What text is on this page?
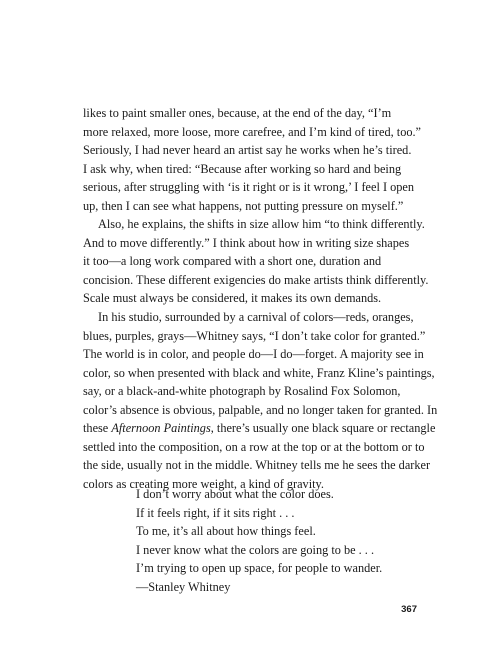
likes to paint smaller ones, because, at the end of the day, “I’m
more relaxed, more loose, more carefree, and I’m kind of tired, too.”
Seriously, I had never heard an artist say he works when he’s tired.
I ask why, when tired: “Because after working so hard and being
serious, after struggling with ‘is it right or is it wrong,’ I feel I open
up, then I can see what happens, not putting pressure on myself.”
Also, he explains, the shifts in size allow him “to think differently.
And to move differently.” I think about how in writing size shapes
it too—a long work compared with a short one, duration and
concision. These different exigencies do make artists think differently.
Scale must always be considered, it makes its own demands.
In his studio, surrounded by a carnival of colors—reds, oranges,
blues, purples, grays—Whitney says, “I don’t take color for granted.”
The world is in color, and people do—I do—forget. A majority see in
color, so when presented with black and white, Franz Kline’s paintings,
say, or a black-and-white photograph by Rosalind Fox Solomon,
color’s absence is obvious, palpable, and no longer taken for granted. In
these Afternoon Paintings, there’s usually one black square or rectangle
settled into the composition, on a row at the top or at the bottom or to
the side, usually not in the middle. Whitney tells me he sees the darker
colors as creating more weight, a kind of gravity.
I don’t worry about what the color does.
If it feels right, if it sits right . . .
To me, it’s all about how things feel.
I never know what the colors are going to be . . .
I’m trying to open up space, for people to wander.
—Stanley Whitney
367
